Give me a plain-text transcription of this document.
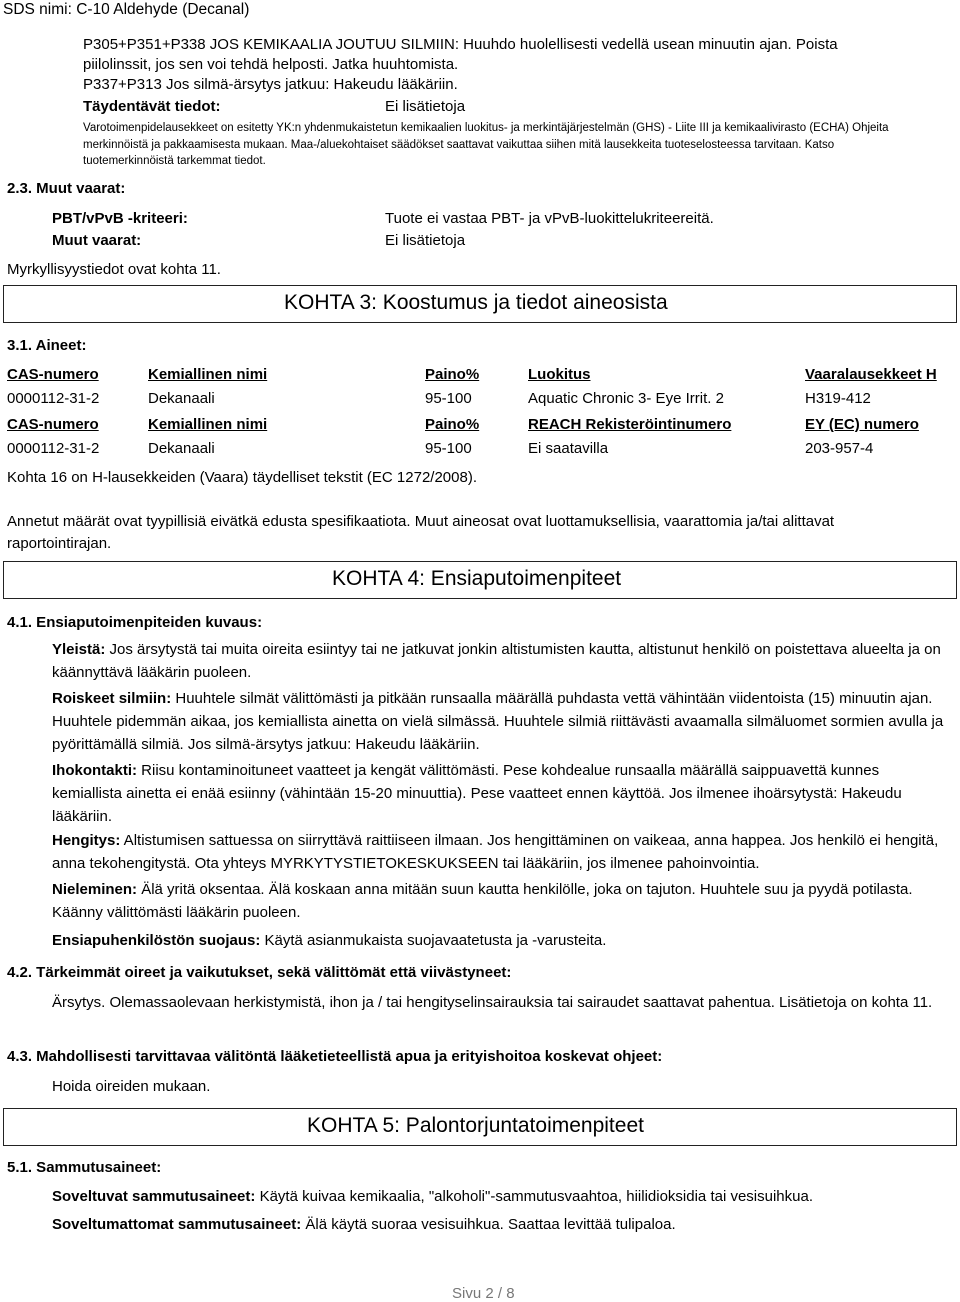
SDS nimi: C-10 Aldehyde (Decanal)
P305+P351+P338 JOS KEMIKAALIA JOUTUU SILMIIN: Huuhdo huolellisesti vedellä usean minuutin ajan. Poista
piilolinssit, jos sen voi tehdä helposti. Jatka huuhtomista.
P337+P313 Jos silmä-ärsytys jatkuu: Hakeudu lääkäriin.
Täydentävät tiedot:	Ei lisätietoja
Varotoimenpidelausekkeet on esitetty YK:n yhdenmukaistetun kemikaalien luokitus- ja merkintäjärjestelmän (GHS) - Liite III ja kemikaalivirasto (ECHA) Ohjeita
merkinnöistä ja pakkaamisesta mukaan. Maa-/aluekohtaiset säädökset saattavat vaikuttaa siihen mitä lausekkeita tuoteselosteessa tarvitaan. Katso
tuotemerkinnöistä tarkemmat tiedot.
2.3. Muut vaarat:
PBT/vPvB -kriteeri:	Tuote ei vastaa PBT- ja vPvB-luokittelukriteereitä.
Muut vaarat:	Ei lisätietoja
Myrkyllisyystiedot ovat kohta 11.
KOHTA 3: Koostumus ja tiedot aineosista
3.1. Aineet:
CAS-numero	Kemiallinen nimi	Paino%	Luokitus	Vaaralausekkeet H
0000112-31-2	Dekanaali	95-100	Aquatic Chronic 3- Eye Irrit. 2	H319-412
CAS-numero	Kemiallinen nimi	Paino%	REACH Rekisteröintinumero	EY (EC) numero
0000112-31-2	Dekanaali	95-100	Ei saatavilla	203-957-4
Kohta 16 on H-lausekkeiden (Vaara) täydelliset tekstit (EC 1272/2008).
Annetut määrät ovat tyypillisiä eivätkä edusta spesifikaatiota. Muut aineosat ovat luottamuksellisia, vaarattomia ja/tai alittavat
raportointirajan.
KOHTA 4: Ensiaputoimenpiteet
4.1. Ensiaputoimenpiteiden kuvaus:
Yleistä: Jos ärsytystä tai muita oireita esiintyy tai ne jatkuvat jonkin altistumisten kautta, altistunut henkilö on poistettava alueelta ja on käännyttävä lääkärin puoleen.
Roiskeet silmiin: Huuhtele silmät välittömästi ja pitkään runsaalla määrällä puhdasta vettä vähintään viidentoista (15) minuutin ajan. Huuhtele pidemmän aikaa, jos kemiallista ainetta on vielä silmässä. Huuhtele silmiä riittävästi avaamalla silmäluomet sormien avulla ja pyörittämällä silmiä. Jos silmä-ärsytys jatkuu: Hakeudu lääkäriin.
Ihokontakti: Riisu kontaminoituneet vaatteet ja kengät välittömästi. Pese kohdealue runsaalla määrällä saippuavettä kunnes kemiallista ainetta ei enää esiinny (vähintään 15-20 minuuttia). Pese vaatteet ennen käyttöä. Jos ilmenee ihoärsytystä: Hakeudu lääkäriin.
Hengitys: Altistumisen sattuessa on siirryttävä raittiiseen ilmaan. Jos hengittäminen on vaikeaa, anna happea. Jos henkilö ei hengitä, anna tekohengitystä. Ota yhteys MYRKYTYSTIETOKESKUKSEEN tai lääkäriin, jos ilmenee pahoinvointia.
Nieleminen: Älä yritä oksentaa. Älä koskaan anna mitään suun kautta henkilölle, joka on tajuton. Huuhtele suu ja pyydä potilasta. Käänny välittömästi lääkärin puoleen.
Ensiapuhenkilöstön suojaus: Käytä asianmukaista suojavaatetusta ja -varusteita.
4.2. Tärkeimmät oireet ja vaikutukset, sekä välittömät että viivästyneet:
Ärsytys. Olemassaolevaan herkistymistä, ihon ja / tai hengityselinsairauksia tai sairaudet saattavat pahentua. Lisätietoja on kohta 11.
4.3. Mahdollisesti tarvittavaa välitöntä lääketieteellistä apua ja erityishoitoa koskevat ohjeet:
Hoida oireiden mukaan.
KOHTA 5: Palontorjuntatoimenpiteet
5.1. Sammutusaineet:
Soveltuvat sammutusaineet: Käytä kuivaa kemikaalia, "alkoholi"-sammutusvaahtoa, hiilidioksidia tai vesisuihkua.
Soveltumattomat sammutusaineet: Älä käytä suoraa vesisuihkua. Saattaa levittää tulipaloa.
Sivu 2 / 8
